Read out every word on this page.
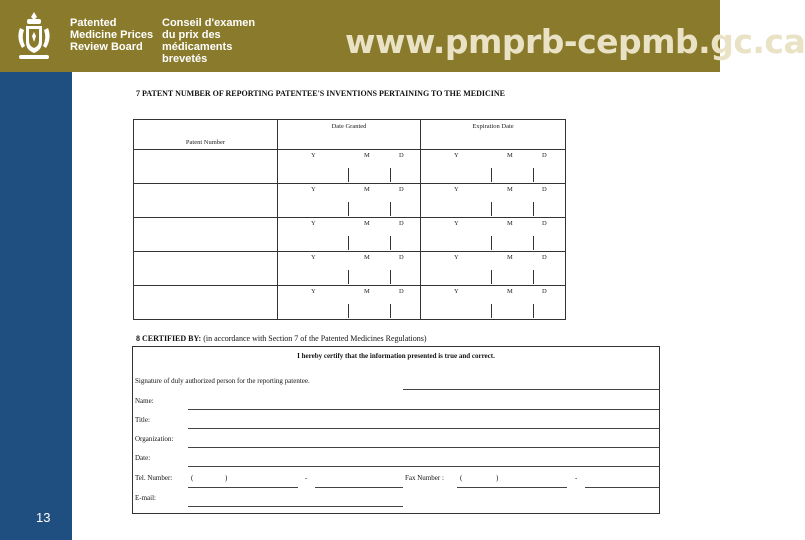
Patented
Medicine Prices
Review Board
Conseil d'examen
du prix des médicaments
brevetés	www.pmprb-cepmb.gc.ca
13
7 PATENT NUMBER OF REPORTING PATENTEE'S INVENTIONS PERTAINING TO THE MEDICINE
Patent Number	Date Granted	Expiration Date

	Y M D	Y M D

	Y M D	Y M D

	Y M D	Y M D

	Y M D	Y M D

	Y M D	Y M D
8 CERTIFIED BY: (in accordance with Section 7 of the Patented Medicines Regulations)
I hereby certify that the information presented is true and correct.
Signature of duly authorized person for the reporting patentee.
Name:
Title:
Organization:
Date:
Tel. Number:	(	)	-	Fax Number : (	)	-
E-mail:
